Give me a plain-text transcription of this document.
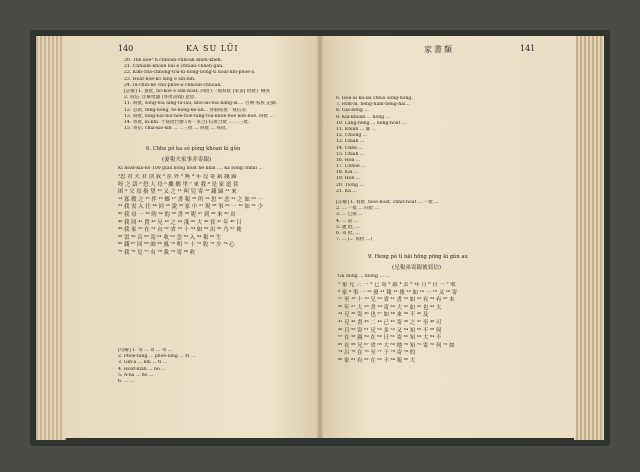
140	KA SU LÜI
20. The kòe³ tì chhoah-chhoah kheh-kheh.
21. Chhiam-khòan kài ê chhiâu-chhéh-gâu.
22. Kim-chá-chhòng-tōa-ki-hông-bông-tī hoàt-khì-phoe-á.
23. Hoat-koè-kò lâng ê sin-bīn.
24. Iù-chìn-kè chū-phoe-á-chhoah-chhoah.
[註解] 1. 簽批, hó-kōe ê sìm-hoat; 回批 (一般寫批 [家書] 批批). 檢查
2. 寫信. 注解批題 (客批書翰) 意思.
11. 寫批, sòng-tōa lâng-tà-iau, khó-lai-tōa-bāng-iā ... 台灣-家族 記錄.
12. 公款, tēng-hóng, tē-hóng-kè-ūn... 各個家批 · 寫信者.
13. 寫批, long-bāi-hói-hōe-hōe-tāng-tōa-khóe-hōe kòn-hōe. 回批 ...
14. 寄批, kī-khī. 十寫批台號 (寄一來合)·信批合批 ... 二三批.
15. 寄信, chia-kīo-sin ... 二三批 ... 寫批 ... 寫批.
6. Chhe pó ka só pòng khòan kì gûn
(妻報夫家事并寄銀)
Kì hoat-kia-ho 100 giàn kong hoat hē khai ..., ka bòng chhāi ...
¹思 君 夫 君 別 我 ² 在 外 ³ 無 ⁴ 年 沒 寄 銀 錢 歸
呀 之 語 ⁵ 恐 人 母 ⁶ 離 鄉 里 ⁷ 來 我 ⁸ 是 家 道 貧
困 ⁹ 父 母 指 望 ¹⁰ 又 之 ¹¹ 叫 兒 寄 ¹² 錢 歸 ¹³ 來
¹⁴ 寡 嫂 之 ¹⁵ 伴 ¹⁶ 鄉 ¹⁷ 書 報 ¹⁸ 所 ¹⁹ 思 ²⁰ 念 ²¹ 之 如 ²² 一
²³ 我 需 入 往 ²⁴ 回 ²⁵ 說 ²⁶ 家 中 ²⁷ 現 ²⁸ 事 ²⁹ 一 ³⁰ 如 ³¹ 少
³² 我 母 一 ³³ 時 ³⁴ 的 ³⁵ 書 ³⁶ 呢 ³⁷ 到 ³⁸ 來 ³⁹ 出
⁴⁰ 我 回 ⁴¹ 賈 ⁴² 兄 ⁴³ 之 ⁴⁴ 淺 ⁴⁵ 大 ⁴⁶ 貧 ⁴⁷ 年 ⁴⁸ 日
⁴⁹ 我 家 ⁵⁰ 在 ⁵¹ 台 ⁵² 省 ⁵³ 十 ⁵⁴ 如 ⁵⁵ 出 ⁵⁶ 乃 ⁵⁷ 後
⁵⁸ 雷 ⁵⁹ 音 ⁶⁰ 寄 ⁶¹ 收 ⁶² 念 ⁶³ 入 ⁶⁴ 報 ⁶⁵ 生
⁶⁶ 錢 ⁶⁷ 回 ⁶⁸ 帥 ⁶⁹ 鳳 ⁷⁰ 明 ⁷¹ 十 ⁷² 收 ⁷³ 少 ⁷⁴ 心
⁷⁵ 我 ⁷⁶ 見 ⁷⁷ 有 ⁷⁸ 我 ⁷⁹ 寄 ⁸⁰ 收
[句解] 1. 寄 ... 寄 ... 寄 ...
2. Phōe-tāng ... phoe-lâng ... 寫 ...
3. Gín-á ... khì ... tī ...
4. Hoat-kiàn ... hó ...
5. Ā-ha ... hó ...
6. ... ...
家書類	141
6. Hōe-ai ka-lāi chhiu sông-hōng.
7. Hīm-ai, hēng-hām-hēng-hāi...
8. Gia-hèng ...
9. Kia-khòan ... hōng ...
10. Lâng-hēng ... hēng-hoat ...
11. Khiān ... 臺 ...
12. Chiong ...
13. Chiah ...
14. Chhe ...
15. Chiah ...
16. Hoa ...
17. Chhōe ...
18. Kia ...
19. Hōe ...
20. Tiōng ...
21. Ka ...
[註解] 1. 寫批. tsōe-hoat, chhit-hoat ... 一批 ...
2. ... 一批 ... 回批 ...
3. ... 已批 ...
4. ... 書 ...
5. 慮 批, ...
6. 寄 批, ...
7. ... (... 寫批 ...)
9. Heng pò tì hāi hōng pōng kì gûn au
(兄報弟寄銀後寫信)
Gū hong ... kióng ... ...
¹ 家 兄 三 一 ² 已 寄 ³ 銀 ⁴ 去 ⁵ 年 月 ⁶ 日 一 ⁷ 收
⁸ 家 ⁹ 事 一 ¹⁰ 發 ¹¹ 報 ¹² 後 ¹³ 如 ¹⁴ 一 ¹⁵ 又 ¹⁶ 寄
¹⁷ 至 ¹⁸ 十 ¹⁹ 兄 ²⁰ 省 ²¹ 書 ²² 如 ²³ 有 ²⁴ 有 ²⁵ 本
²⁶ 年 ²⁷ 大 ²⁸ 書 ²⁹ 寄 ³⁰ 大 ³¹ 如 ³² 也 ³³ 大
³⁴ 兄 ³⁵ 寄 ³⁶ 也 ³⁷ 如 ³⁸ 來 ³⁹ 不 ⁴⁰ 及
⁴¹ 兄 ⁴² 書 ⁴³ 二 ⁴⁴ 已 ⁴⁵ 寄 ⁴⁶ 之 ⁴⁷ 至 ⁴⁸ 可
⁴⁹ 日 ⁵⁰ 寄 ⁵¹ 兄 ⁵² 多 ⁵³ 又 ⁵⁴ 知 ⁵⁵ 不 ⁵⁶ 何
⁵⁷ 在 ⁵⁸ 親 ⁵⁹ 在 ⁶⁰ 日 ⁶¹ 寄 ⁶² 知 ⁶³ 大 ⁶⁴ 不
⁶⁵ 在 ⁶⁶ 兄 ⁶⁷ 省 ⁶⁸ 大 ⁶⁹ 地 ⁷⁰ 知 ⁷¹ 寄 ⁷² 何 ⁷³ 如
⁷⁴ 呂 ⁷⁵ 在 ⁷⁶ 至 ⁷⁷ 于 ⁷⁸ 寄 ⁷⁹ 的
⁸⁰ 家 ⁸¹ 有 ⁸² 在 ⁸³ 不 ⁸⁴ 報 ⁸⁵ 大
